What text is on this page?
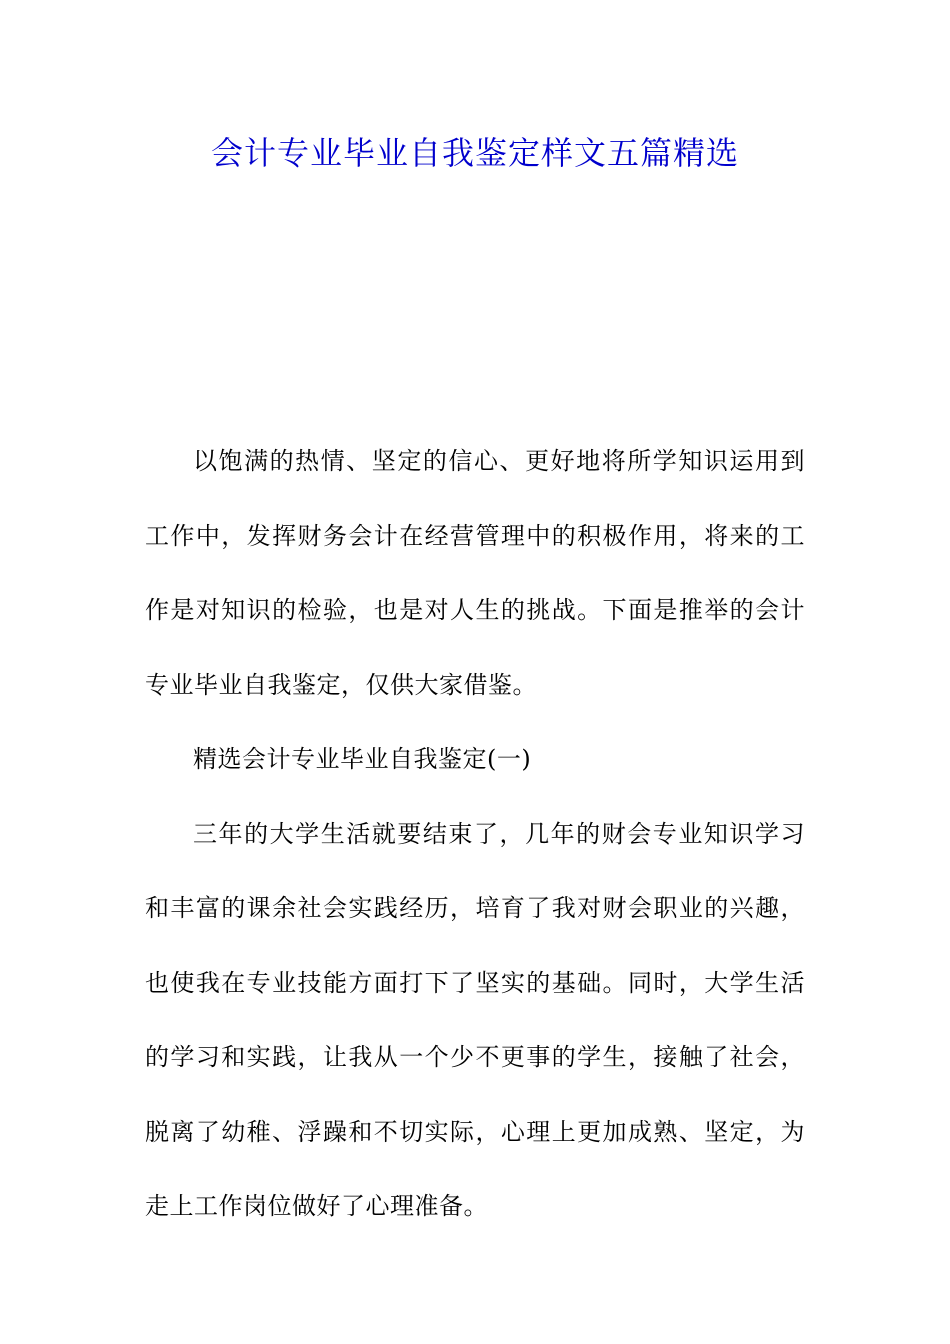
会计专业毕业自我鉴定样文五篇精选

以饱满的热情、坚定的信心、更好地将所学知识运用到工作中，发挥财务会计在经营管理中的积极作用，将来的工作是对知识的检验，也是对人生的挑战。下面是推举的会计专业毕业自我鉴定，仅供大家借鉴。

精选会计专业毕业自我鉴定(一)

三年的大学生活就要结束了，几年的财会专业知识学习和丰富的课余社会实践经历，培育了我对财会职业的兴趣，也使我在专业技能方面打下了坚实的基础。同时，大学生活的学习和实践，让我从一个少不更事的学生，接触了社会，脱离了幼稚、浮躁和不切实际，心理上更加成熟、坚定，为走上工作岗位做好了心理准备。
